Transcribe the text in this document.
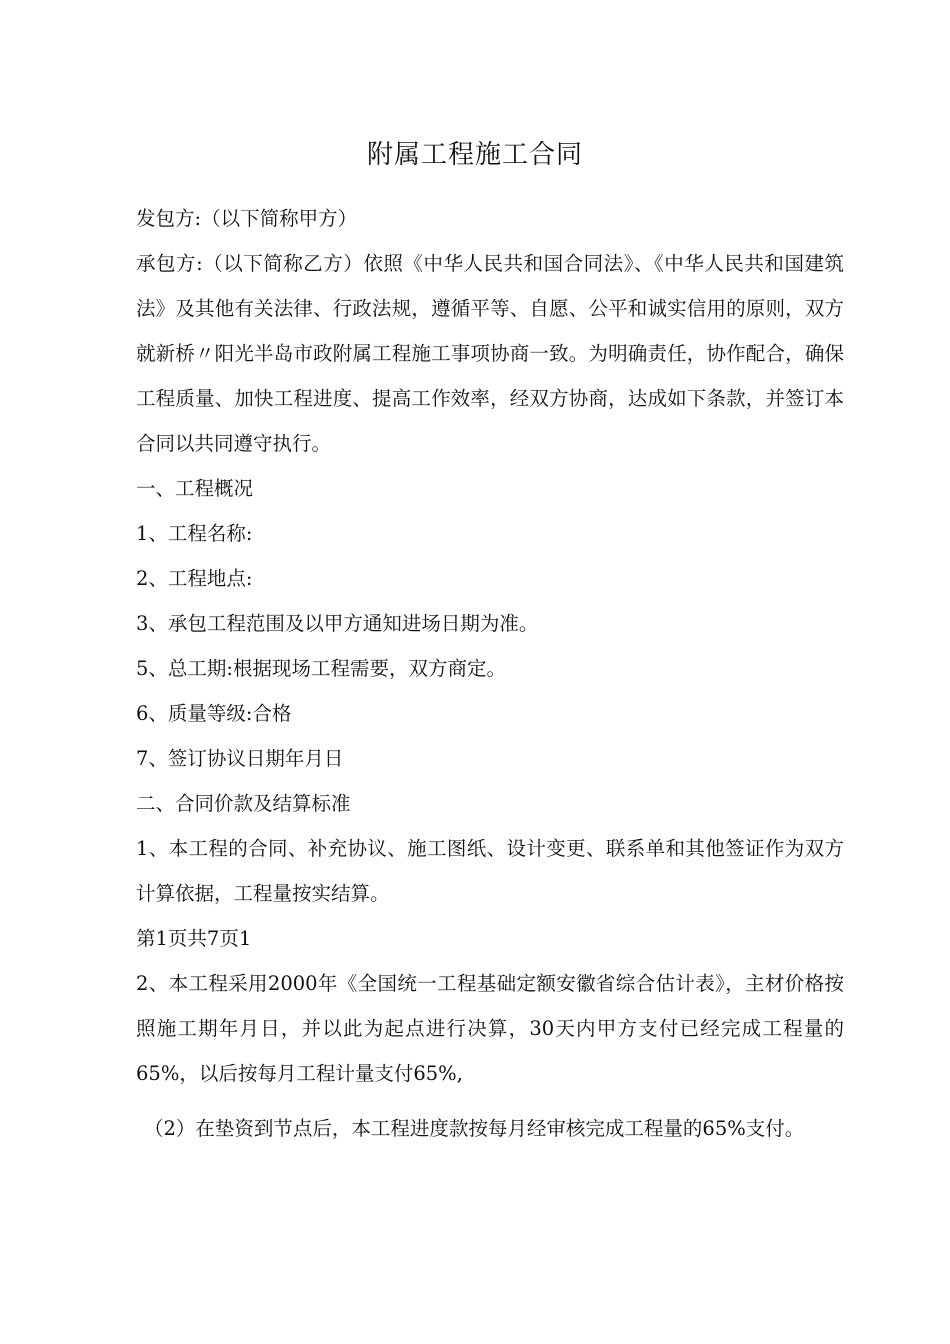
附属工程施工合同

发包方:（以下简称甲方）

承包方:（以下简称乙方）依照《中华人民共和国合同法》、《中华人民共和国建筑法》及其他有关法律、行政法规，遵循平等、自愿、公平和诚实信用的原则，双方就新桥〃阳光半岛市政附属工程施工事项协商一致。为明确责任，协作配合，确保工程质量、加快工程进度、提高工作效率，经双方协商，达成如下条款，并签订本合同以共同遵守执行。

一、工程概况

1、工程名称:

2、工程地点:

3、承包工程范围及以甲方通知进场日期为准。

5、总工期:根据现场工程需要，双方商定。

6、质量等级:合格

7、签订协议日期年月日

二、合同价款及结算标准

1、本工程的合同、补充协议、施工图纸、设计变更、联系单和其他签证作为双方计算依据，工程量按实结算。

第1页共7页1

2、本工程采用2000年《全国统一工程基础定额安徽省综合估计表》，主材价格按照施工期年月日，并以此为起点进行决算，30天内甲方支付已经完成工程量的65%，以后按每月工程计量支付65%,

（2）在垫资到节点后，本工程进度款按每月经审核完成工程量的65%支付。
